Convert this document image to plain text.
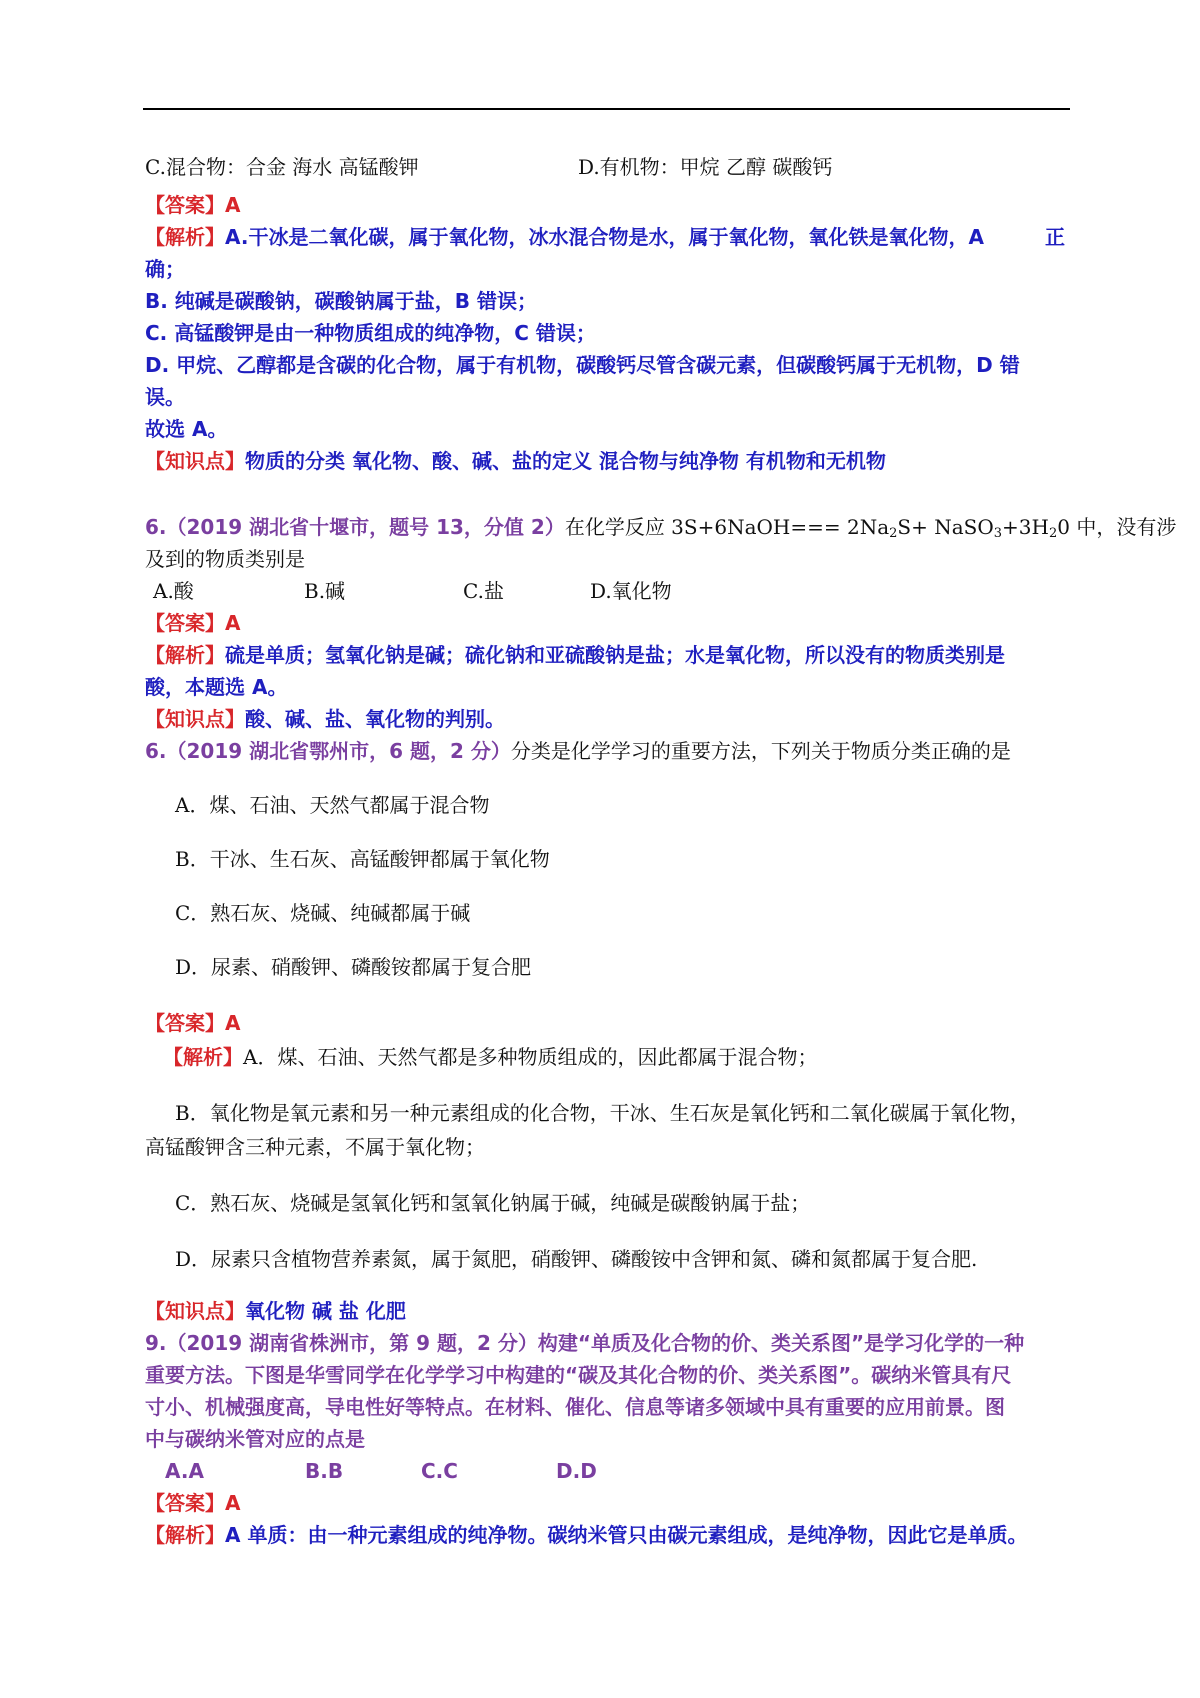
C.混合物：合金 海水 高锰酸钾	D.有机物：甲烷 乙醇 碳酸钙
【答案】A
【解析】A.干冰是二氧化碳，属于氧化物，冰水混合物是水，属于氧化物，氧化铁是氧化物，A	正
确；
B. 纯碱是碳酸钠，碳酸钠属于盐，B 错误；
C. 高锰酸钾是由一种物质组成的纯净物，C 错误；
D. 甲烷、乙醇都是含碳的化合物，属于有机物，碳酸钙尽管含碳元素，但碳酸钙属于无机物，D 错
误。
故选 A。
【知识点】物质的分类 氧化物、酸、碱、盐的定义 混合物与纯净物 有机物和无机物
6.（2019 湖北省十堰市，题号 13，分值 2）在化学反应 3S+6NaOH=== $2Na_2S+$ $NaSO_3+3H_20$ 中，没有涉
及到的物质类别是
A.酸	B.碱	C.盐	D.氧化物
【答案】A
【解析】硫是单质；氢氧化钠是碱；硫化钠和亚硫酸钠是盐；水是氧化物，所以没有的物质类别是
酸，本题选 A。
【知识点】酸、碱、盐、氧化物的判别。
6.（2019 湖北省鄂州市，6 题，2 分）分类是化学学习的重要方法，下列关于物质分类正确的是
A．煤、石油、天然气都属于混合物
B．干冰、生石灰、高锰酸钾都属于氧化物
C．熟石灰、烧碱、纯碱都属于碱
D．尿素、硝酸钾、磷酸铵都属于复合肥
【答案】A
【解析】A．煤、石油、天然气都是多种物质组成的，因此都属于混合物；
B．氧化物是氧元素和另一种元素组成的化合物，干冰、生石灰是氧化钙和二氧化碳属于氧化物，
高锰酸钾含三种元素，不属于氧化物；
C．熟石灰、烧碱是氢氧化钙和氢氧化钠属于碱，纯碱是碳酸钠属于盐；
D．尿素只含植物营养素氮，属于氮肥，硝酸钾、磷酸铵中含钾和氮、磷和氮都属于复合肥.
【知识点】氧化物 碱 盐 化肥
9.（2019 湖南省株洲市，第 9 题，2 分）构建“单质及化合物的价、类关系图”是学习化学的一种
重要方法。下图是华雪同学在化学学习中构建的“碳及其化合物的价、类关系图”。碳纳米管具有尺
寸小、机械强度高，导电性好等特点。在材料、催化、信息等诸多领域中具有重要的应用前景。图
中与碳纳米管对应的点是
A.A	B.B	C.C	D.D
【答案】A
【解析】A 单质：由一种元素组成的纯净物。碳纳米管只由碳元素组成，是纯净物，因此它是单质。
